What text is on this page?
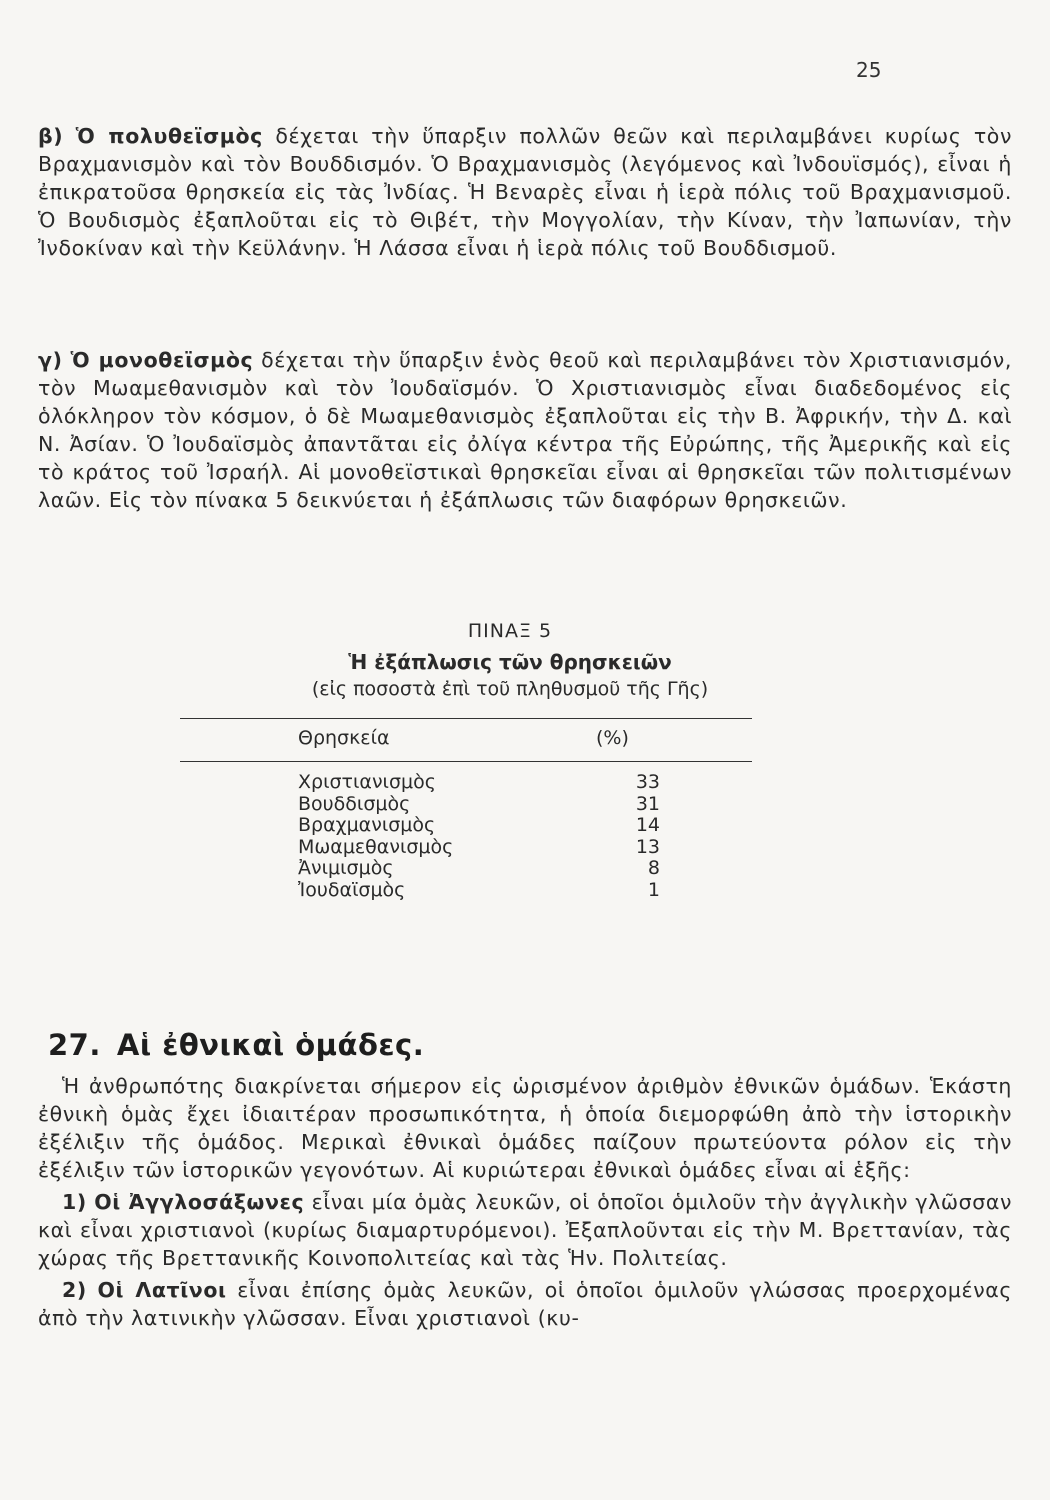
25
β) Ὁ πολυθεϊσμὸς δέχεται τὴν ὕπαρξιν πολλῶν θεῶν καὶ περιλαμβάνει κυρίως τὸν Βραχμανισμὸν καὶ τὸν Βουδδισμόν. Ὁ Βραχμανισμὸς (λεγόμενος καὶ Ἰνδουϊσμός), εἶναι ἡ ἐπικρατοῦσα θρησκεία εἰς τὰς Ἰνδίας. Ἡ Βεναρὲς εἶναι ἡ ἱερὰ πόλις τοῦ Βραχμανισμοῦ. Ὁ Βουδισμὸς ἐξαπλοῦται εἰς τὸ Θιβέτ, τὴν Μογγολίαν, τὴν Κίναν, τὴν Ἰαπωνίαν, τὴν Ἰνδοκίναν καὶ τὴν Κεϋλάνην. Ἡ Λάσσα εἶναι ἡ ἱερὰ πόλις τοῦ Βουδδισμοῦ.
γ) Ὁ μονοθεϊσμὸς δέχεται τὴν ὕπαρξιν ἑνὸς θεοῦ καὶ περιλαμβάνει τὸν Χριστιανισμόν, τὸν Μωαμεθανισμὸν καὶ τὸν Ἰουδαϊσμόν. Ὁ Χριστιανισμὸς εἶναι διαδεδομένος εἰς ὁλόκληρον τὸν κόσμον, ὁ δὲ Μωαμεθανισμὸς ἐξαπλοῦται εἰς τὴν Β. Ἀφρικήν, τὴν Δ. καὶ Ν. Ἀσίαν. Ὁ Ἰουδαϊσμὸς ἀπαντᾶται εἰς ὀλίγα κέντρα τῆς Εὐρώπης, τῆς Ἀμερικῆς καὶ εἰς τὸ κράτος τοῦ Ἰσραήλ. Αἱ μονοθεϊστικαὶ θρησκεῖαι εἶναι αἱ θρησκεῖαι τῶν πολιτισμένων λαῶν. Εἰς τὸν πίνακα 5 δεικνύεται ἡ ἐξάπλωσις τῶν διαφόρων θρησκειῶν.
ΠΙΝΑΞ 5
Ἡ ἐξάπλωσις τῶν θρησκειῶν
(εἰς ποσοστὰ ἐπὶ τοῦ πληθυσμοῦ τῆς Γῆς)
Θρησκεία	(%)
Χριστιανισμὸς	33
Βουδδισμὸς	31
Βραχμανισμὸς	14
Μωαμεθανισμὸς	13
Ἀνιμισμὸς	8
Ἰουδαϊσμὸς	1
27. Αἱ ἐθνικαὶ ὁμάδες.
Ἡ ἀνθρωπότης διακρίνεται σήμερον εἰς ὡρισμένον ἀριθμὸν ἐθνικῶν ὁμάδων. Ἑκάστη ἐθνικὴ ὁμὰς ἔχει ἰδιαιτέραν προσωπικότητα, ἡ ὁποία διεμορφώθη ἀπὸ τὴν ἱστορικὴν ἐξέλιξιν τῆς ὁμάδος. Μερικαὶ ἐθνικαὶ ὁμάδες παίζουν πρωτεύοντα ρόλον εἰς τὴν ἐξέλιξιν τῶν ἱστορικῶν γεγονότων. Αἱ κυριώτεραι ἐθνικαὶ ὁμάδες εἶναι αἱ ἑξῆς:
1) Οἱ Ἀγγλοσάξωνες εἶναι μία ὁμὰς λευκῶν, οἱ ὁποῖοι ὁμιλοῦν τὴν ἀγγλικὴν γλῶσσαν καὶ εἶναι χριστιανοὶ (κυρίως διαμαρτυρόμενοι). Ἐξαπλοῦνται εἰς τὴν Μ. Βρεττανίαν, τὰς χώρας τῆς Βρεττανικῆς Κοινοπολιτείας καὶ τὰς Ἡν. Πολιτείας.
2) Οἱ Λατῖνοι εἶναι ἐπίσης ὁμὰς λευκῶν, οἱ ὁποῖοι ὁμιλοῦν γλώσσας προερχομένας ἀπὸ τὴν λατινικὴν γλῶσσαν. Εἶναι χριστιανοὶ (κυ-
